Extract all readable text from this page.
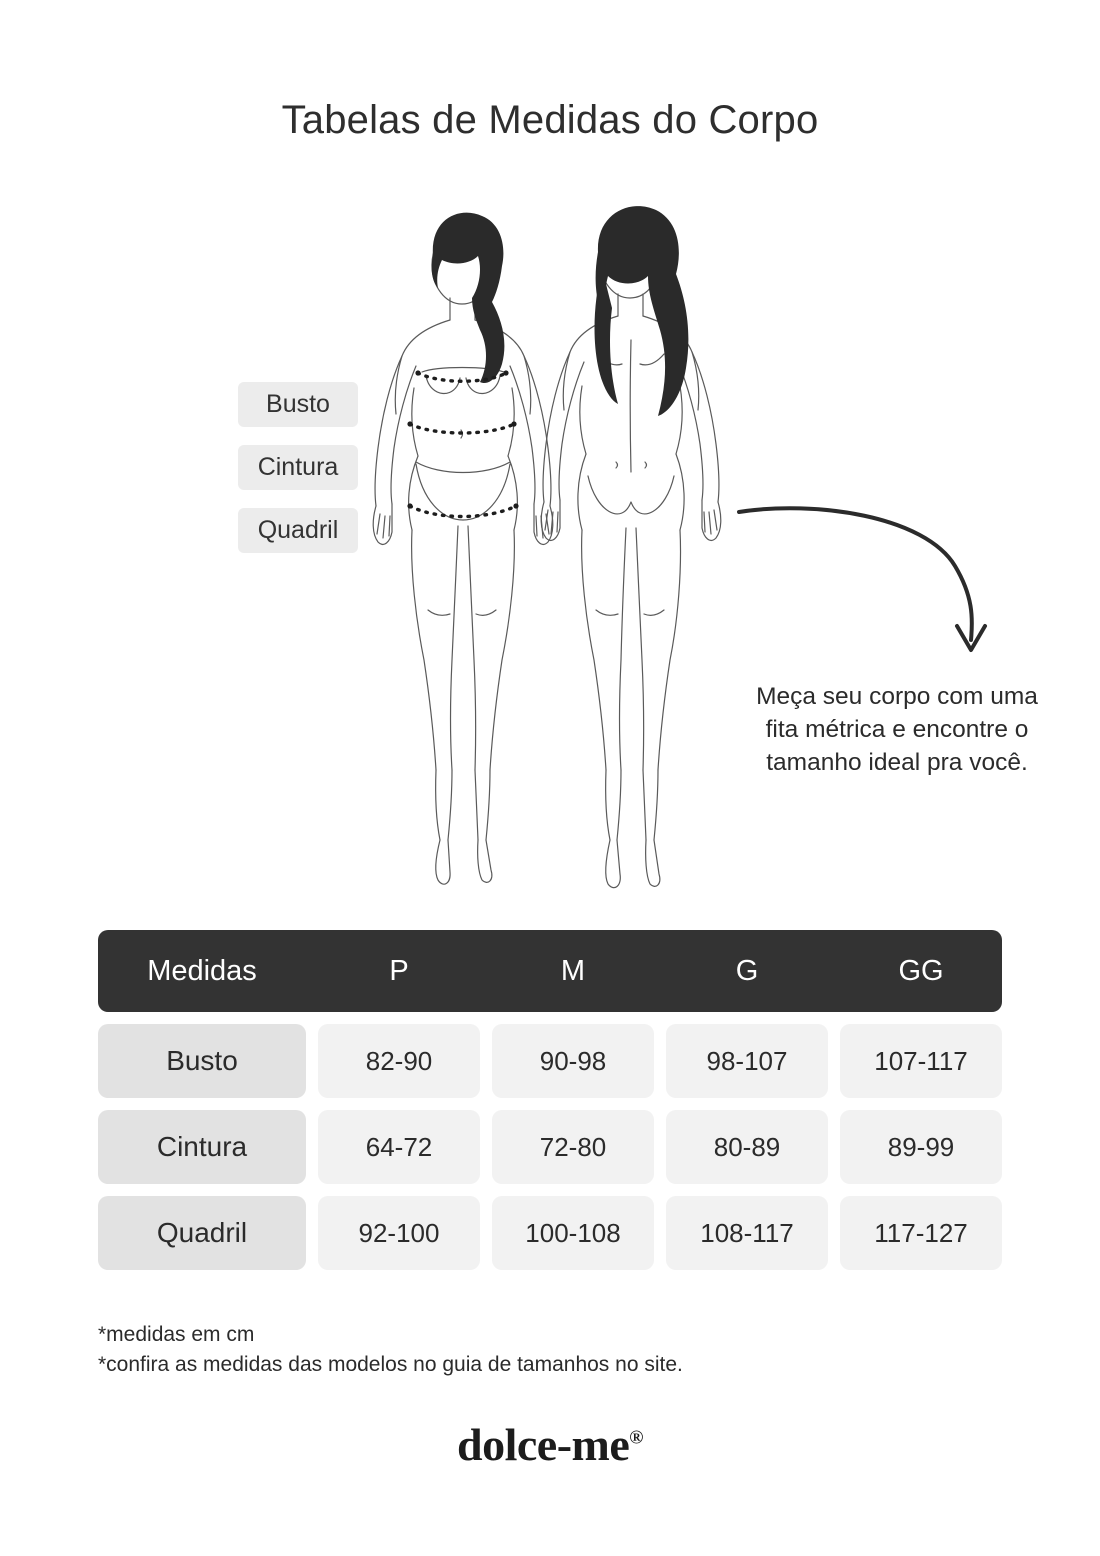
Tabelas de Medidas do Corpo
Busto
Cintura
Quadril
Meça seu corpo com uma fita métrica e encontre o tamanho ideal pra você.
Medidas	P	M	G	GG
Busto	82-90	90-98	98-107	107-117
Cintura	64-72	72-80	80-89	89-99
Quadril	92-100	100-108	108-117	117-127
*medidas em cm
*confira as medidas das modelos no guia de tamanhos no site.
dolce-me®
